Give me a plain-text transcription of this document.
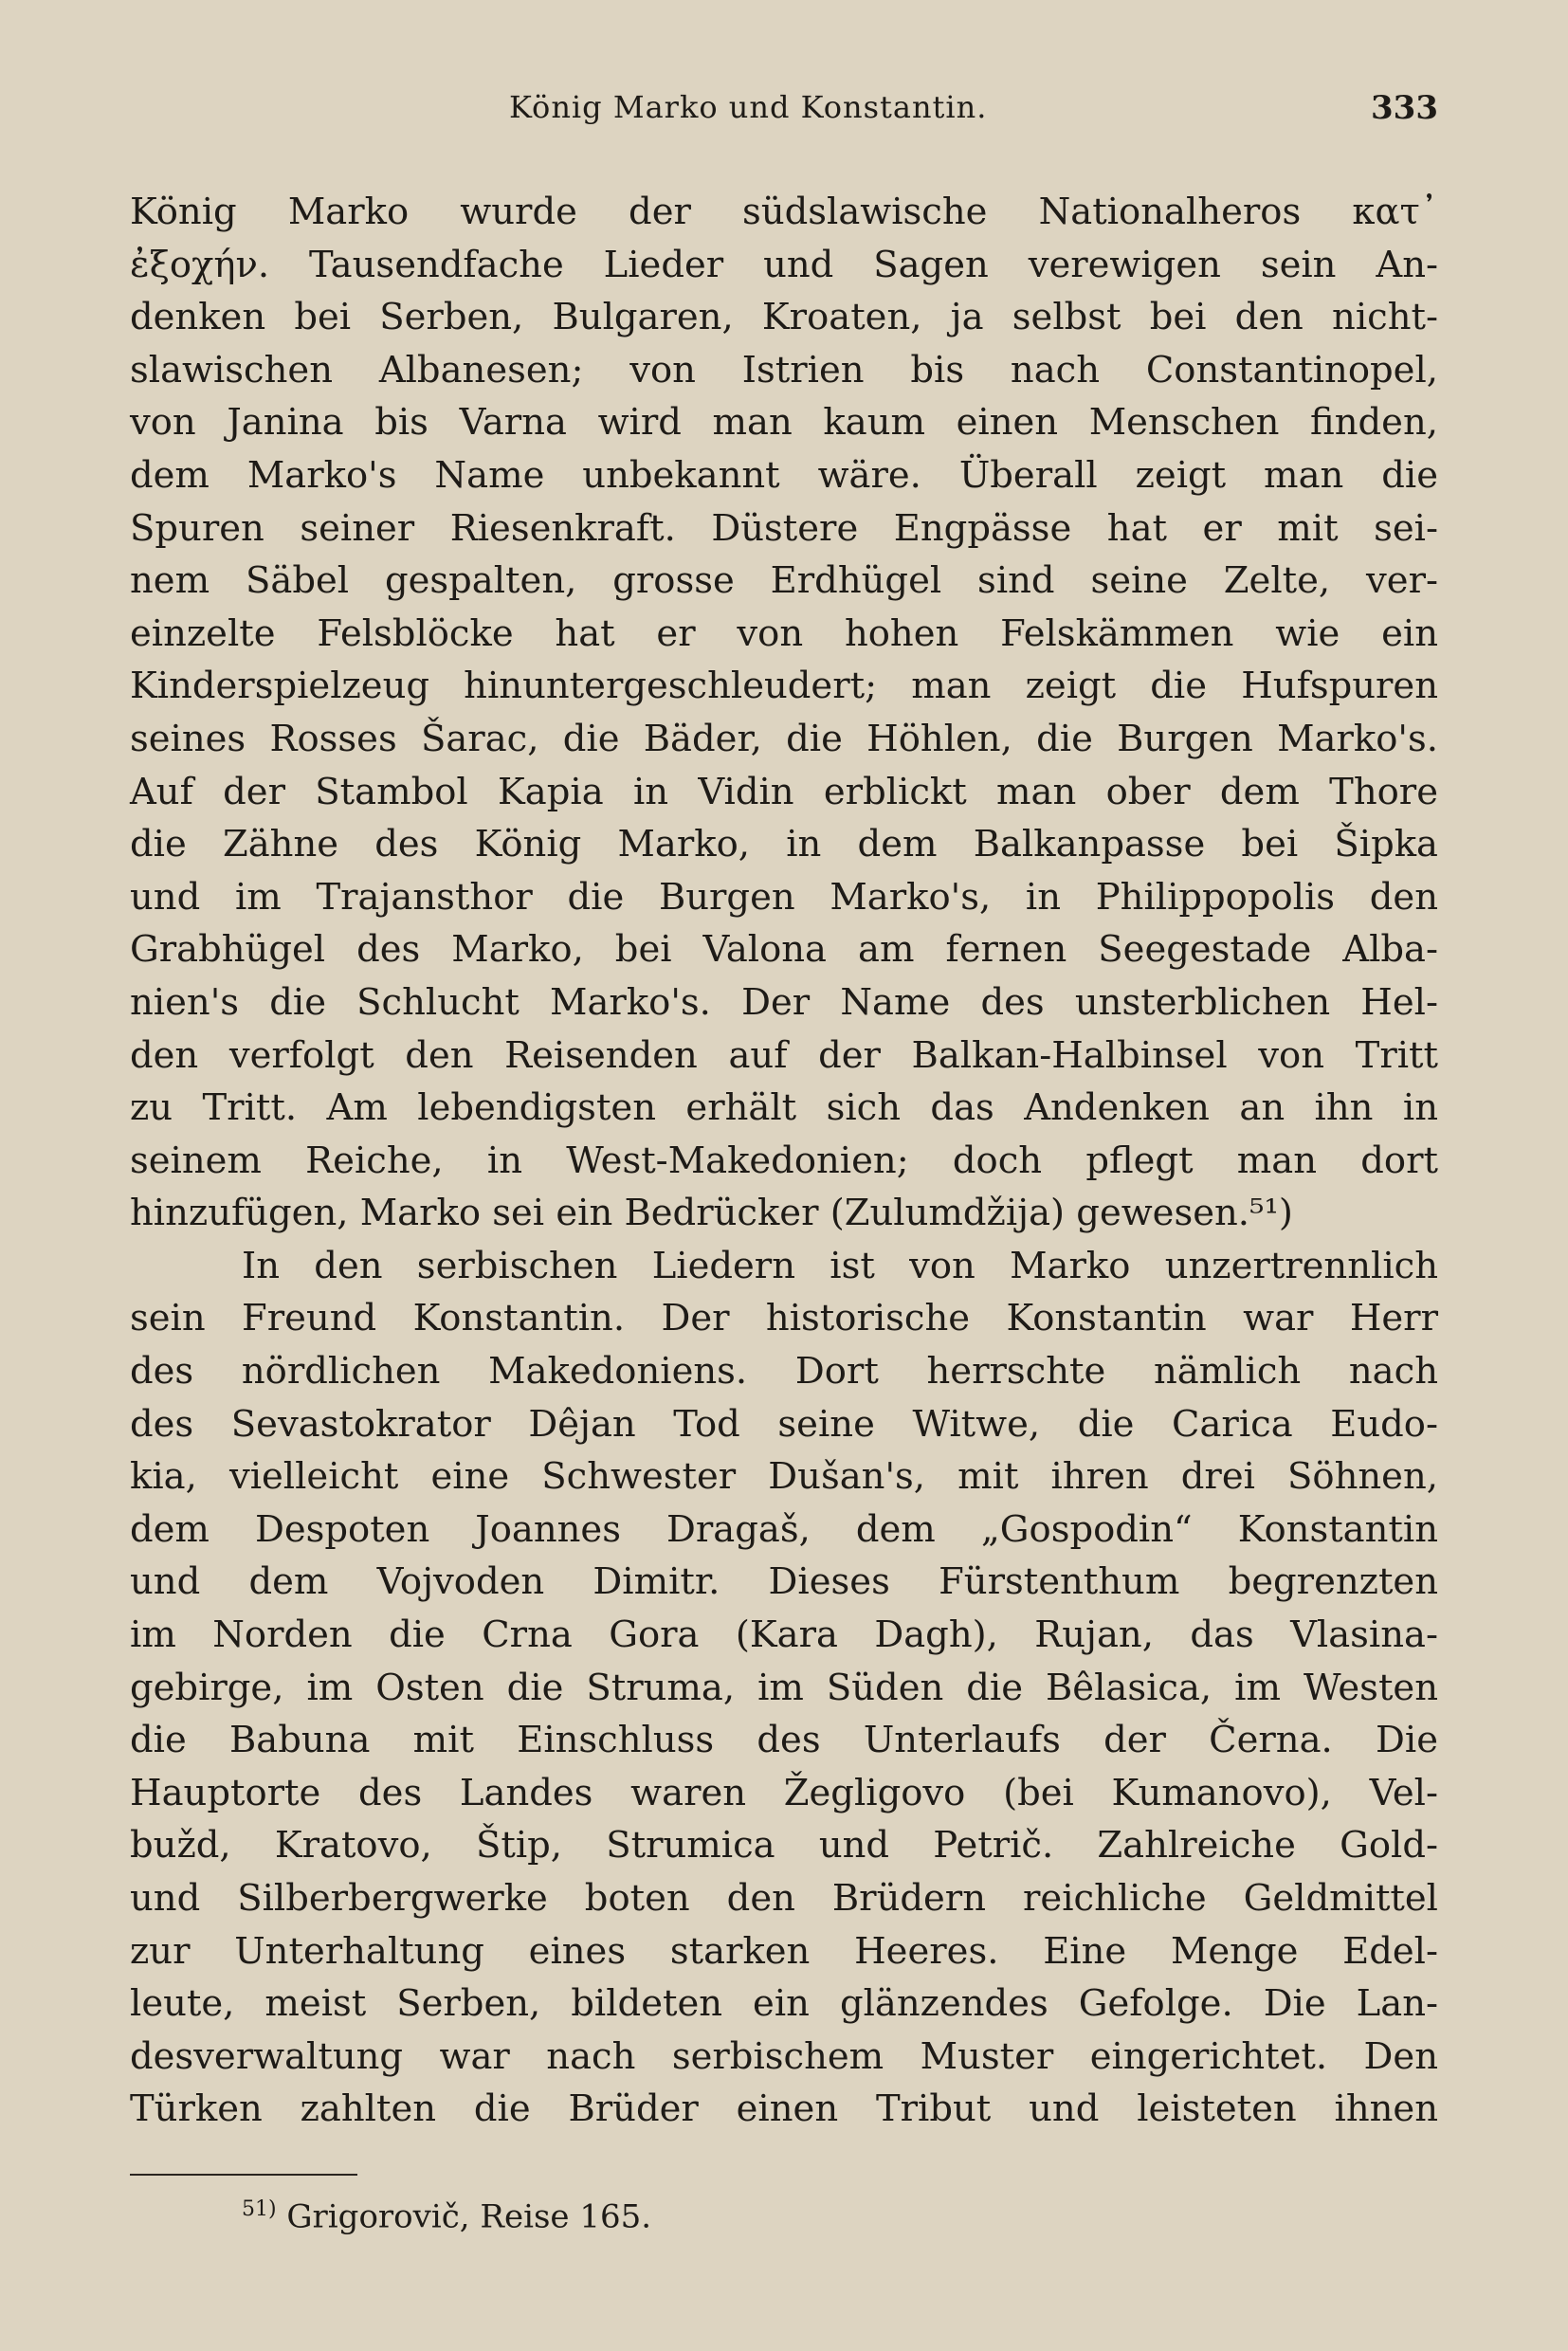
König Marko und Konstantin.	333
König Marko wurde der südslawische Nationalheros κατ᾽
ἐξοχήν. Tausendfache Lieder und Sagen verewigen sein An-
denken bei Serben, Bulgaren, Kroaten, ja selbst bei den nicht-
slawischen Albanesen; von Istrien bis nach Constantinopel,
von Janina bis Varna wird man kaum einen Menschen finden,
dem Marko's Name unbekannt wäre. Überall zeigt man die
Spuren seiner Riesenkraft. Düstere Engpässe hat er mit sei-
nem Säbel gespalten, grosse Erdhügel sind seine Zelte, ver-
einzelte Felsblöcke hat er von hohen Felskämmen wie ein
Kinderspielzeug hinuntergeschleudert; man zeigt die Hufspuren
seines Rosses Šarac, die Bäder, die Höhlen, die Burgen Marko's.
Auf der Stambol Kapia in Vidin erblickt man ober dem Thore
die Zähne des König Marko, in dem Balkanpasse bei Šipka
und im Trajansthor die Burgen Marko's, in Philippopolis den
Grabhügel des Marko, bei Valona am fernen Seegestade Alba-
nien's die Schlucht Marko's. Der Name des unsterblichen Hel-
den verfolgt den Reisenden auf der Balkan-Halbinsel von Tritt
zu Tritt. Am lebendigsten erhält sich das Andenken an ihn in
seinem Reiche, in West-Makedonien; doch pflegt man dort
hinzufügen, Marko sei ein Bedrücker (Zulumdžija) gewesen.⁵¹)
In den serbischen Liedern ist von Marko unzertrennlich
sein Freund Konstantin. Der historische Konstantin war Herr
des nördlichen Makedoniens. Dort herrschte nämlich nach
des Sevastokrator Dêjan Tod seine Witwe, die Carica Eudo-
kia, vielleicht eine Schwester Dušan's, mit ihren drei Söhnen,
dem Despoten Joannes Dragaš, dem „Gospodin“ Konstantin
und dem Vojvoden Dimitr. Dieses Fürstenthum begrenzten
im Norden die Crna Gora (Kara Dagh), Rujan, das Vlasina-
gebirge, im Osten die Struma, im Süden die Bêlasica, im Westen
die Babuna mit Einschluss des Unterlaufs der Černa. Die
Hauptorte des Landes waren Žegligovo (bei Kumanovo), Vel-
bužd, Kratovo, Štip, Strumica und Petrič. Zahlreiche Gold-
und Silberbergwerke boten den Brüdern reichliche Geldmittel
zur Unterhaltung eines starken Heeres. Eine Menge Edel-
leute, meist Serben, bildeten ein glänzendes Gefolge. Die Lan-
desverwaltung war nach serbischem Muster eingerichtet. Den
Türken zahlten die Brüder einen Tribut und leisteten ihnen
$^{51)}$ Grigorovič, Reise 165.
